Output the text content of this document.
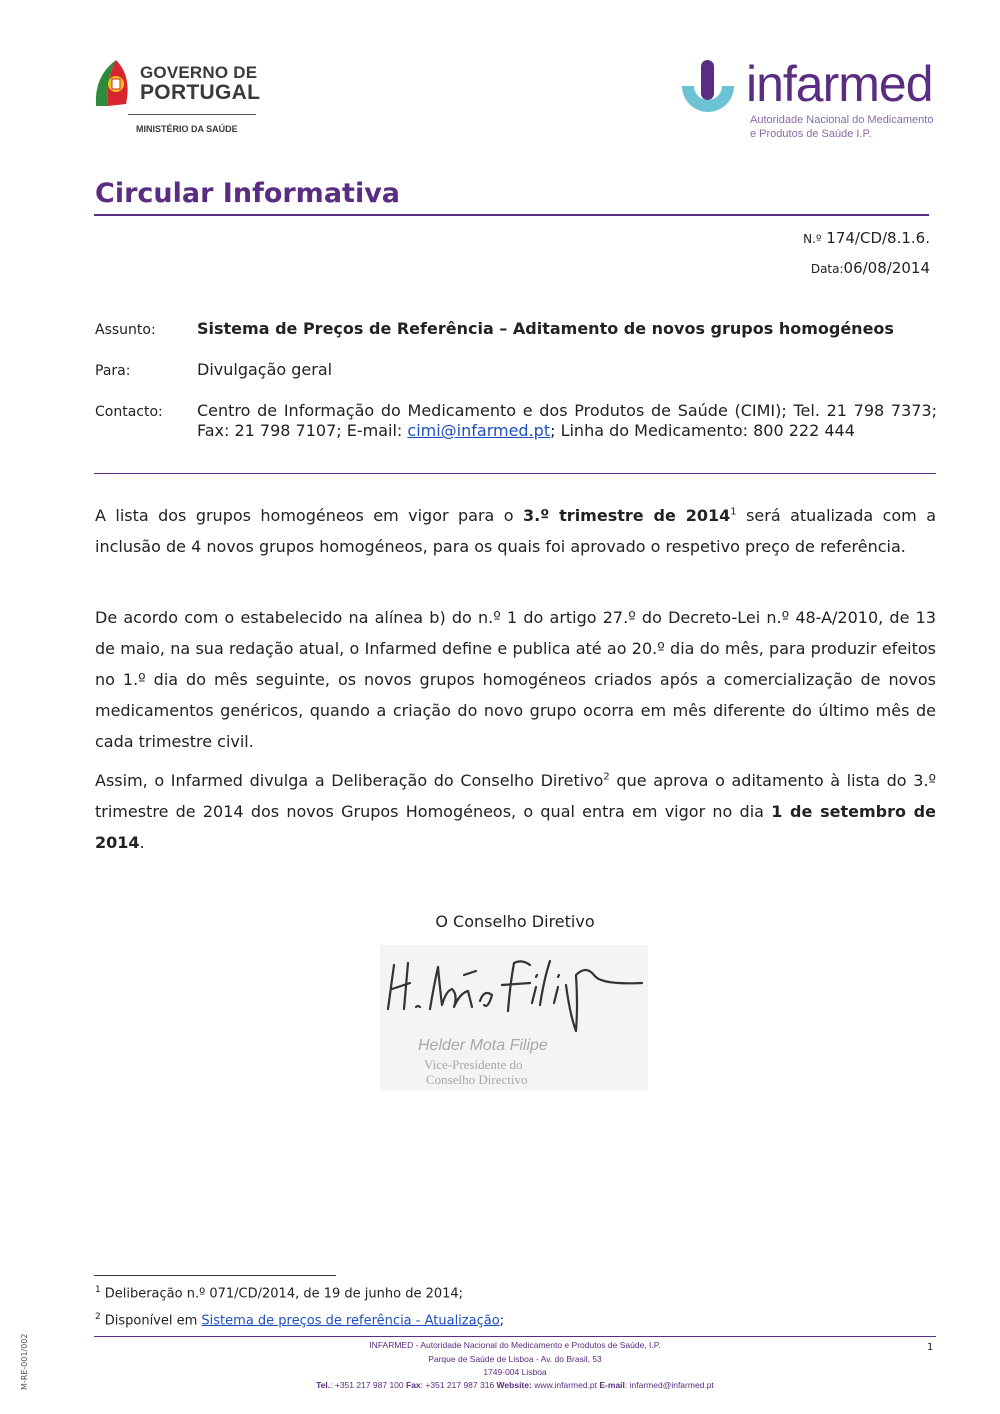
GOVERNO DE
PORTUGAL
MINISTÉRIO DA SAÚDE
infarmed
Autoridade Nacional do Medicamento
e Produtos de Saúde I.P.
Circular Informativa
N.º 174/CD/8.1.6.
Data:06/08/2014
Assunto:	Sistema de Preços de Referência – Aditamento de novos grupos homogéneos
Para:	Divulgação geral
Contacto: Centro de Informação do Medicamento e dos Produtos de Saúde (CIMI); Tel. 21 798 7373; Fax: 21 798 7107; E-mail: cimi@infarmed.pt; Linha do Medicamento: 800 222 444
A lista dos grupos homogéneos em vigor para o 3.º trimestre de 2014$^1$ será atualizada com a inclusão de 4 novos grupos homogéneos, para os quais foi aprovado o respetivo preço de referência.
De acordo com o estabelecido na alínea b) do n.º 1 do artigo 27.º do Decreto-Lei n.º 48-A/2010, de 13 de maio, na sua redação atual, o Infarmed define e publica até ao 20.º dia do mês, para produzir efeitos no 1.º dia do mês seguinte, os novos grupos homogéneos criados após a comercialização de novos medicamentos genéricos, quando a criação do novo grupo ocorra em mês diferente do último mês de cada trimestre civil.
Assim, o Infarmed divulga a Deliberação do Conselho Diretivo$^2$ que aprova o aditamento à lista do 3.º trimestre de 2014 dos novos Grupos Homogéneos, o qual entra em vigor no dia 1 de setembro de 2014.
O Conselho Diretivo
Helder Mota Filipe
Vice-Presidente do
Conselho Directivo
$^1$ Deliberação n.º 071/CD/2014, de 19 de junho de 2014;
$^2$ Disponível em Sistema de preços de referência - Atualização;
INFARMED - Autoridade Nacional do Medicamento e Produtos de Saúde, I.P.
Parque de Saúde de Lisboa - Av. do Brasil, 53
1749-004 Lisboa
Tel.: +351 217 987 100 Fax: +351 217 987 316 Website: www.infarmed.pt E-mail: infarmed@infarmed.pt
1
M-RE-001/002
